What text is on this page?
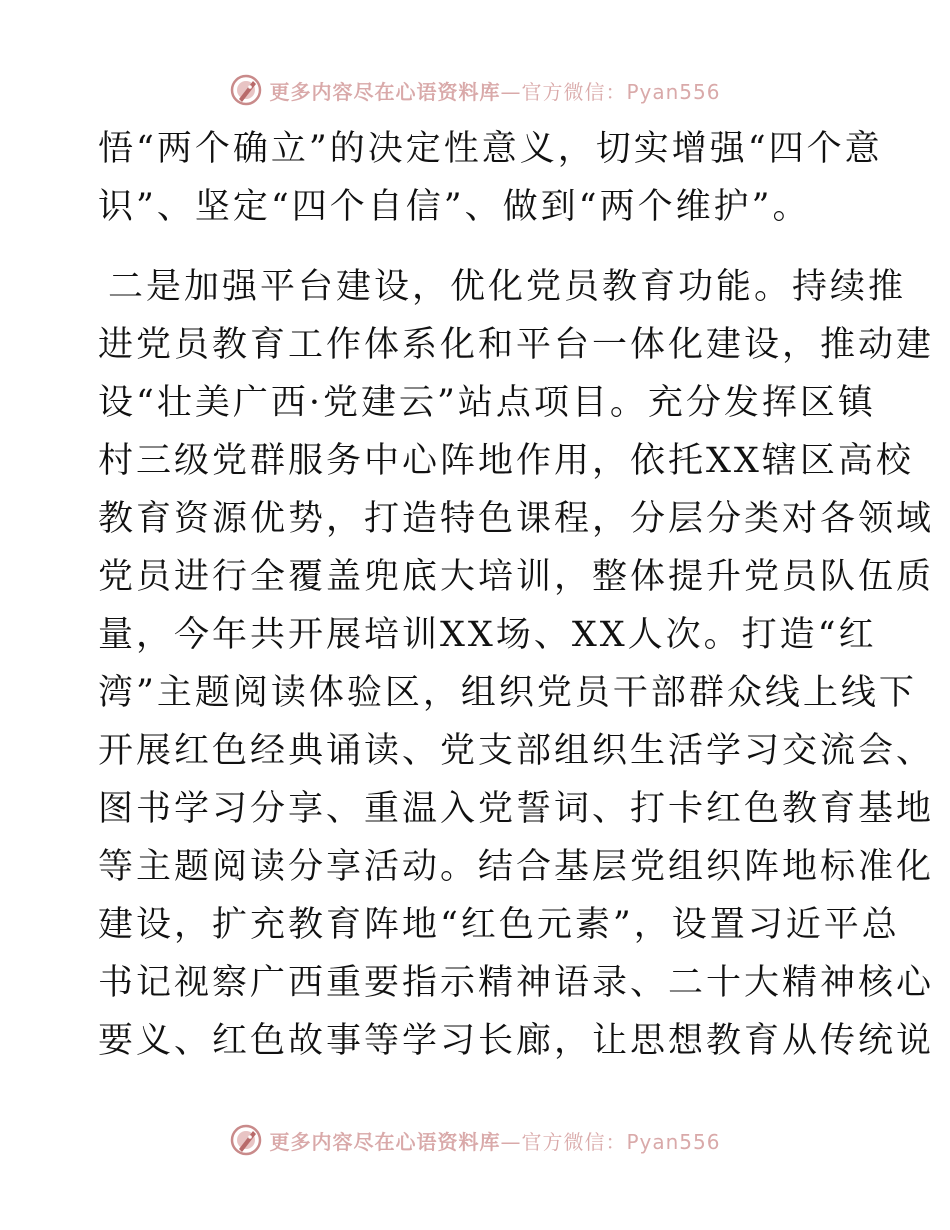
更多内容尽在心语资料库—官方微信：Pyan556
悟“两个确立”的决定性意义，切实增强“四个意
识”、坚定“四个自信”、做到“两个维护”。
二是加强平台建设，优化党员教育功能。持续推
进党员教育工作体系化和平台一体化建设，推动建
设“壮美广西·党建云”站点项目。充分发挥区镇
村三级党群服务中心阵地作用，依托XX辖区高校
教育资源优势，打造特色课程，分层分类对各领域
党员进行全覆盖兜底大培训，整体提升党员队伍质
量，今年共开展培训XX场、XX人次。打造“红
湾”主题阅读体验区，组织党员干部群众线上线下
开展红色经典诵读、党支部组织生活学习交流会、
图书学习分享、重温入党誓词、打卡红色教育基地
等主题阅读分享活动。结合基层党组织阵地标准化
建设，扩充教育阵地“红色元素”，设置习近平总
书记视察广西重要指示精神语录、二十大精神核心
要义、红色故事等学习长廊，让思想教育从传统说
更多内容尽在心语资料库—官方微信：Pyan556
